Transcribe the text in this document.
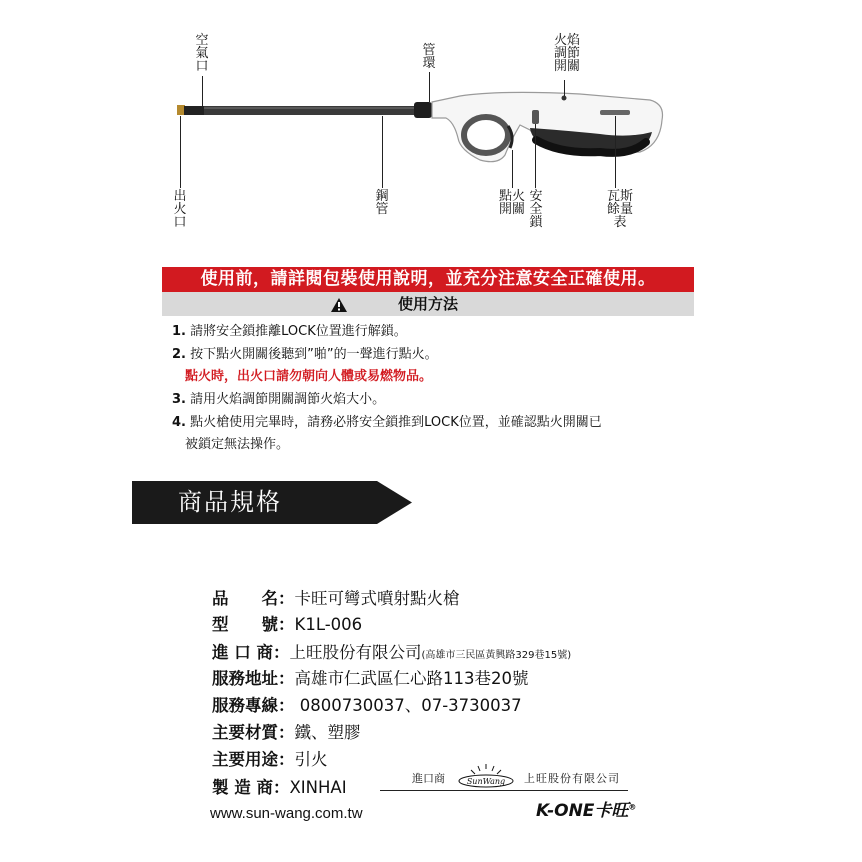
空氣口
管環
火焰調節開關
出火口
鋼管
點火開關
安全鎖
瓦斯餘量表
使用前，請詳閱包裝使用說明，並充分注意安全正確使用。
使用方法
1. 請將安全鎖推離LOCK位置進行解鎖。
2. 按下點火開關後聽到”啪”的一聲進行點火。
點火時，出火口請勿朝向人體或易燃物品。
3. 請用火焰調節開關調節火焰大小。
4. 點火槍使用完畢時，請務必將安全鎖推到LOCK位置，並確認點火開關已
被鎖定無法操作。
商品規格
品　　名：卡旺可彎式噴射點火槍
型　　號：K1L-006
進 口 商：上旺股份有限公司(高雄市三民區黃興路329巷15號)
服務地址：高雄市仁武區仁心路113巷20號
服務專線： 0800730037、07-3730037
主要材質：鐵、塑膠
主要用途：引火
製 造 商：XINHAI
www.sun-wang.com.tw
進口商	SunWang 上旺股份有限公司
K-ONE卡旺®
